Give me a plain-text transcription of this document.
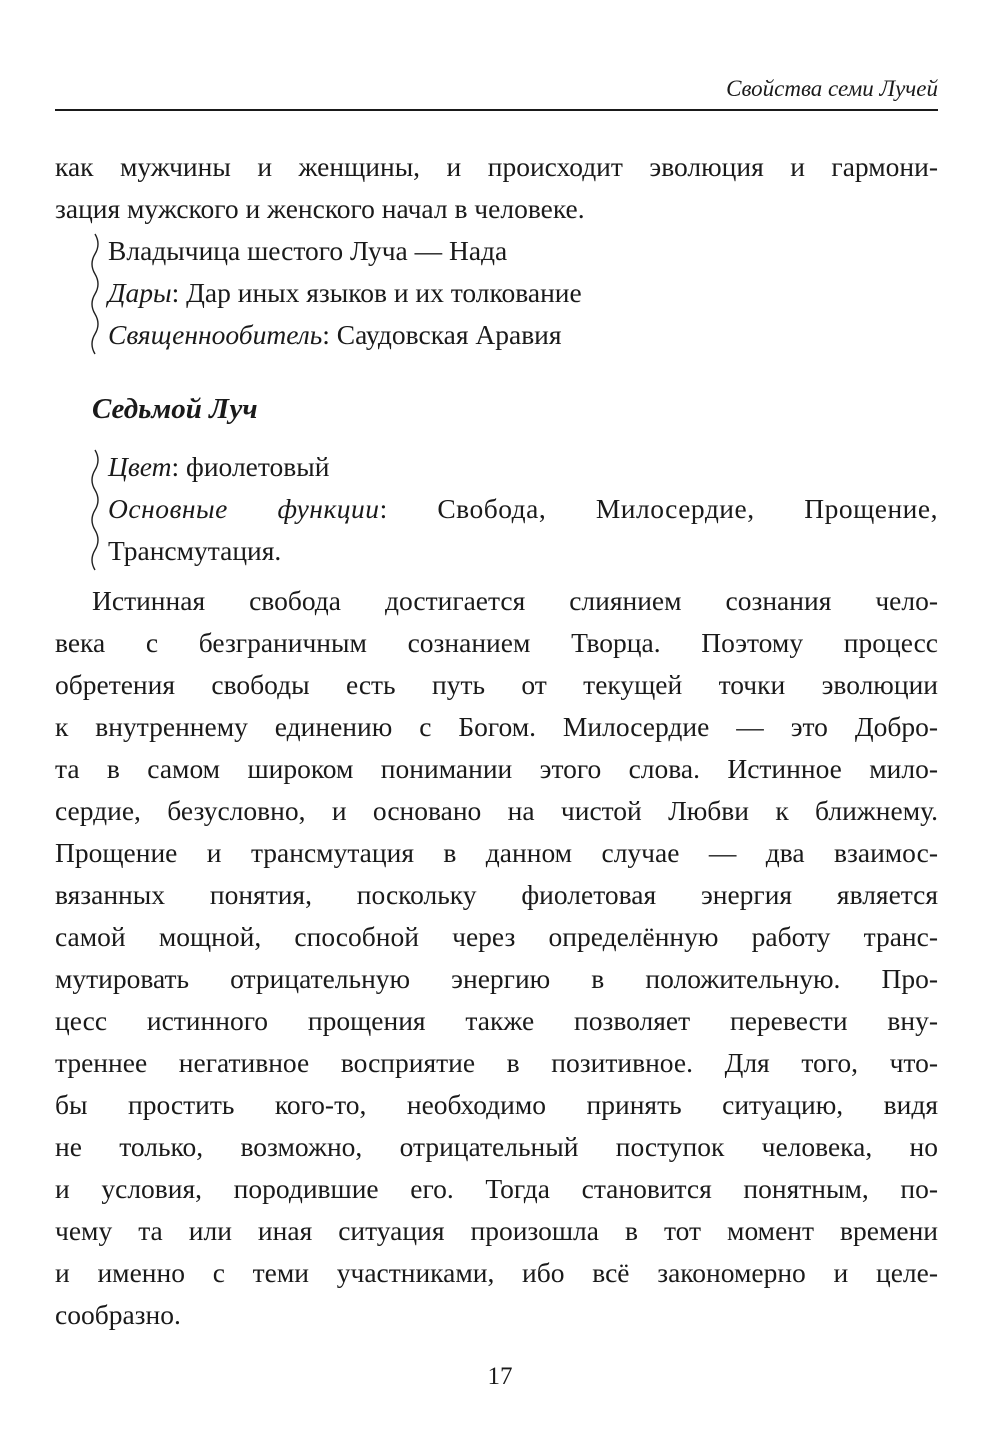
Свойства семи Лучей
как мужчины и женщины, и происходит эволюция и гармони-
зация мужского и женского начал в человеке.
Владычица шестого Луча — Нада
Дары: Дар иных языков и их толкование
Священнообитель: Саудовская Аравия
Седьмой Луч
Цвет: фиолетовый
Основные функции: Свобода, Милосердие, Прощение,
Трансмутация.
Истинная свобода достигается слиянием сознания чело-
века с безграничным сознанием Творца. Поэтому процесс
обретения свободы есть путь от текущей точки эволюции
к внутреннему единению с Богом. Милосердие — это Добро-
та в самом широком понимании этого слова. Истинное мило-
сердие, безусловно, и основано на чистой Любви к ближнему.
Прощение и трансмутация в данном случае — два взаимос-
вязанных понятия, поскольку фиолетовая энергия является
самой мощной, способной через определённую работу транс-
мутировать отрицательную энергию в положительную. Про-
цесс истинного прощения также позволяет перевести вну-
треннее негативное восприятие в позитивное. Для того, что-
бы простить кого-то, необходимо принять ситуацию, видя
не только, возможно, отрицательный поступок человека, но
и условия, породившие его. Тогда становится понятным, по-
чему та или иная ситуация произошла в тот момент времени
и именно с теми участниками, ибо всё закономерно и целе-
сообразно.
17
